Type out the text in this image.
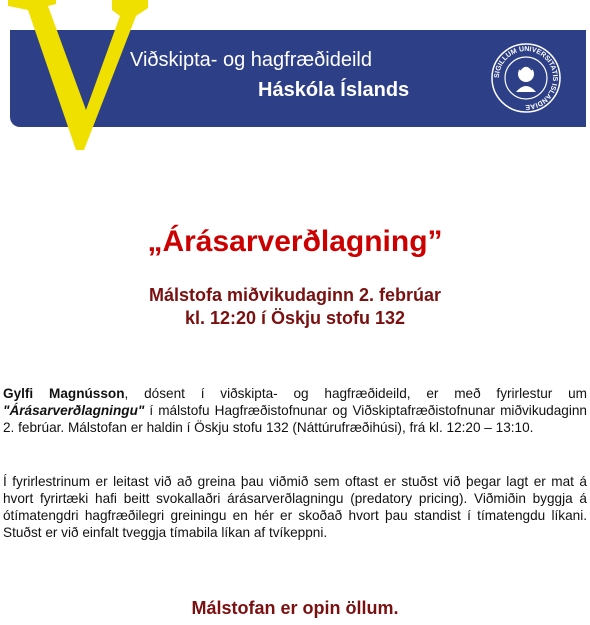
Viðskipta- og hagfræðideild
Háskóla Íslands
SIGILLUM UNIVERSITATIS ISLANDIAE
„Árásarverðlagning”
Málstofa miðvikudaginn 2. febrúar
kl. 12:20 í Öskju stofu 132
Gylfi Magnússon, dósent í viðskipta- og hagfræðideild, er með fyrirlestur um "Árásarverðlagningu" í málstofu Hagfræðistofnunar og Viðskiptafræðistofnunar miðvikudaginn 2. febrúar. Málstofan er haldin í Öskju stofu 132 (Náttúrufræðihúsi), frá kl. 12:20 – 13:10.
Í fyrirlestrinum er leitast við að greina þau viðmið sem oftast er stuðst við þegar lagt er mat á hvort fyrirtæki hafi beitt svokallaðri árásarverðlagningu (predatory pricing). Viðmiðin byggja á ótímatengdri hagfræðilegri greiningu en hér er skoðað hvort þau standist í tímatengdu líkani. Stuðst er við einfalt tveggja tímabila líkan af tvíkeppni.
Málstofan er opin öllum.
